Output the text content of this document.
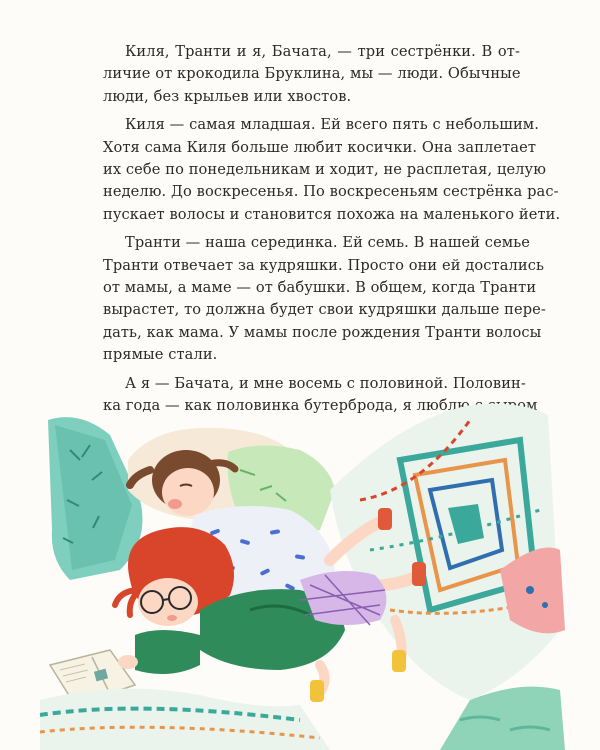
Киля, Транти и я, Бачата, — три сестрёнки. В от-
личие от крокодила Бруклина, мы — люди. Обычные
люди, без крыльев или хвостов.

Киля — самая младшая. Ей всего пять с небольшим.
Хотя сама Киля больше любит косички. Она заплетает
их себе по понедельникам и ходит, не расплетая, целую
неделю. До воскресенья. По воскресеньям сестрёнка рас-
пускает волосы и становится похожа на маленького йети.

Транти — наша серединка. Ей семь. В нашей семье
Транти отвечает за кудряшки. Просто они ей достались
от мамы, а маме — от бабушки. В общем, когда Транти
вырастет, то должна будет свои кудряшки дальше пере-
дать, как мама. У мамы после рождения Транти волосы
прямые стали.

А я — Бачата, и мне восемь с половиной. Половин-
ка года — как половинка бутерброда, я люблю с сыром
